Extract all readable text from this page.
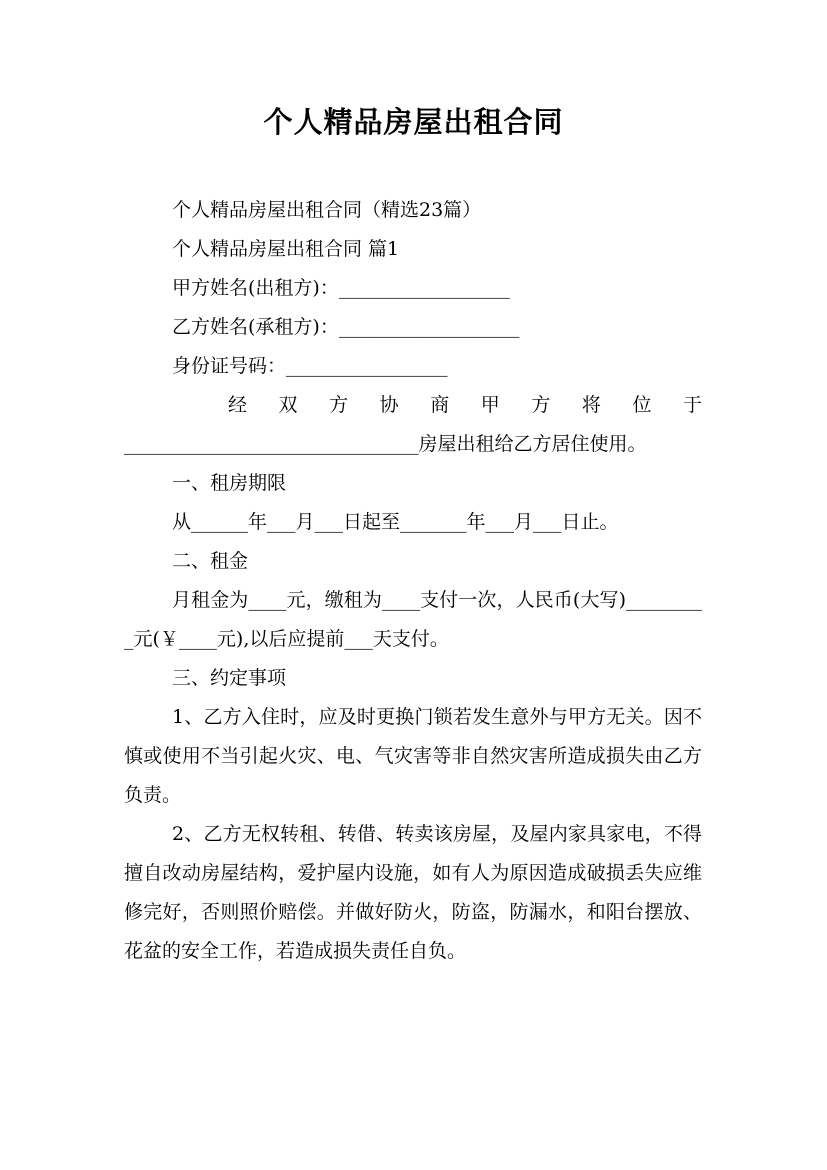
个人精品房屋出租合同

个人精品房屋出租合同（精选23篇）

个人精品房屋出租合同 篇1

甲方姓名(出租方)：__________________

乙方姓名(承租方)：___________________

身份证号码：_________________

经 双 方 协 商 甲 方 将 位 于

_______________________________房屋出租给乙方居住使用。

一、租房期限

从______年___月___日起至_______年___月___日止。

二、租金

月租金为____元，缴租为____支付一次，人民币(大写)_________元(￥____元),以后应提前___天支付。

三、约定事项

1、乙方入住时，应及时更换门锁若发生意外与甲方无关。因不慎或使用不当引起火灾、电、气灾害等非自然灾害所造成损失由乙方负责。

2、乙方无权转租、转借、转卖该房屋，及屋内家具家电，不得擅自改动房屋结构，爱护屋内设施，如有人为原因造成破损丢失应维修完好，否则照价赔偿。并做好防火，防盗，防漏水，和阳台摆放、花盆的安全工作，若造成损失责任自负。
